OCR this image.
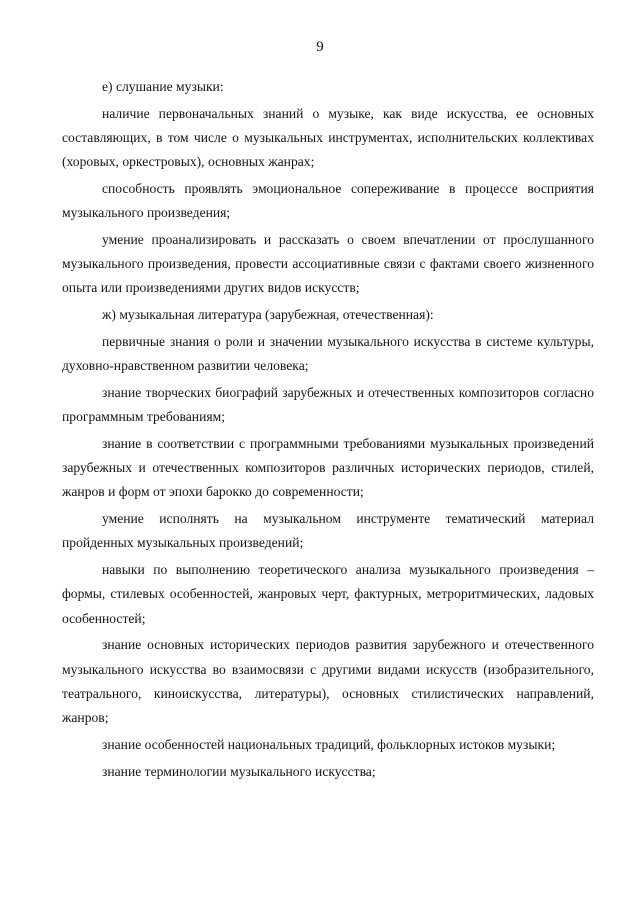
9

е) слушание музыки:

наличие первоначальных знаний о музыке, как виде искусства, ее основных составляющих, в том числе о музыкальных инструментах, исполнительских коллективах (хоровых, оркестровых), основных жанрах;

способность проявлять эмоциональное сопереживание в процессе восприятия музыкального произведения;

умение проанализировать и рассказать о своем впечатлении от прослушанного музыкального произведения, провести ассоциативные связи с фактами своего жизненного опыта или произведениями других видов искусств;

ж) музыкальная литература (зарубежная, отечественная):

первичные знания о роли и значении музыкального искусства в системе культуры, духовно-нравственном развитии человека;

знание творческих биографий зарубежных и отечественных композиторов согласно программным требованиям;

знание в соответствии с программными требованиями музыкальных произведений зарубежных и отечественных композиторов различных исторических периодов, стилей, жанров и форм от эпохи барокко до современности;

умение исполнять на музыкальном инструменте тематический материал пройденных музыкальных произведений;

навыки по выполнению теоретического анализа музыкального произведения – формы, стилевых особенностей, жанровых черт, фактурных, метроритмических, ладовых особенностей;

знание основных исторических периодов развития зарубежного и отечественного музыкального искусства во взаимосвязи с другими видами искусств (изобразительного, театрального, киноискусства, литературы), основных стилистических направлений, жанров;

знание особенностей национальных традиций, фольклорных истоков музыки;

знание терминологии музыкального искусства;
